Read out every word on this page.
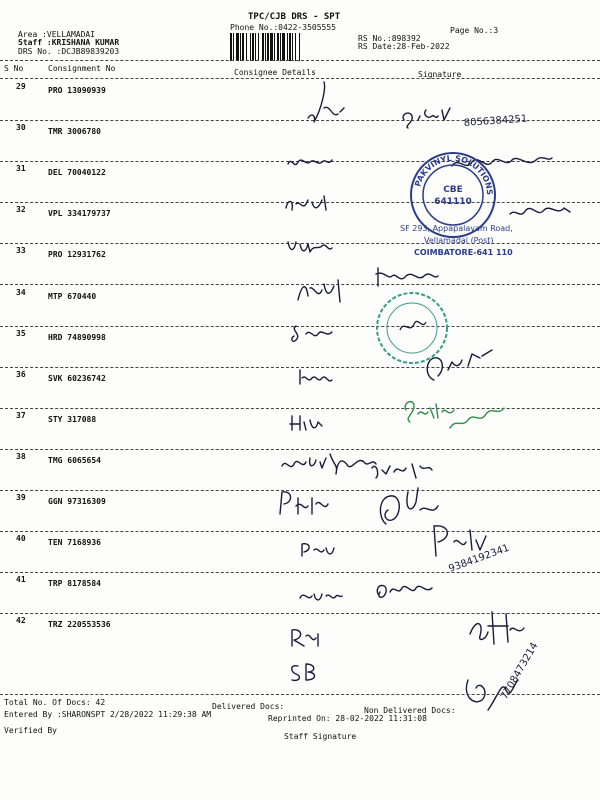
TPC/CJB DRS - SPT
Phone No.:0422-3505555	Page No.:3
Area :VELLAMADAI
Staff :KRISHANA KUMAR
DRS No. :DCJB89839203
RS No.:898392
RS Date:28-Feb-2022
S No	Consignment No	Consignee Details	Signature
29	PRO 13090939
30	TMR 3006780
31	DEL 70040122
32	VPL 334179737
33	PRO 12931762
34	MTP 670440
35	HRD 74890998
36	SVK 60236742
37	STY 317088
38	TMG 6065654
39	GGN 97316309
40	TEN 7168936
41	TRP 8178584
42	TRZ 220553536
8056384251
9384192341
7708473214
PAKVINYL SOLUTIONS
CBE
641110
SF 293, Appapalayam Road,
Vellamadai (Post)
COIMBATORE-641 110
Total No. Of Docs: 42	Delivered Docs:	Non Delivered Docs:
Entered By :SHARONSPT 2/28/2022 11:29:38 AM	Reprinted On: 28-02-2022 11:31:08
Verified By
Staff Signature
